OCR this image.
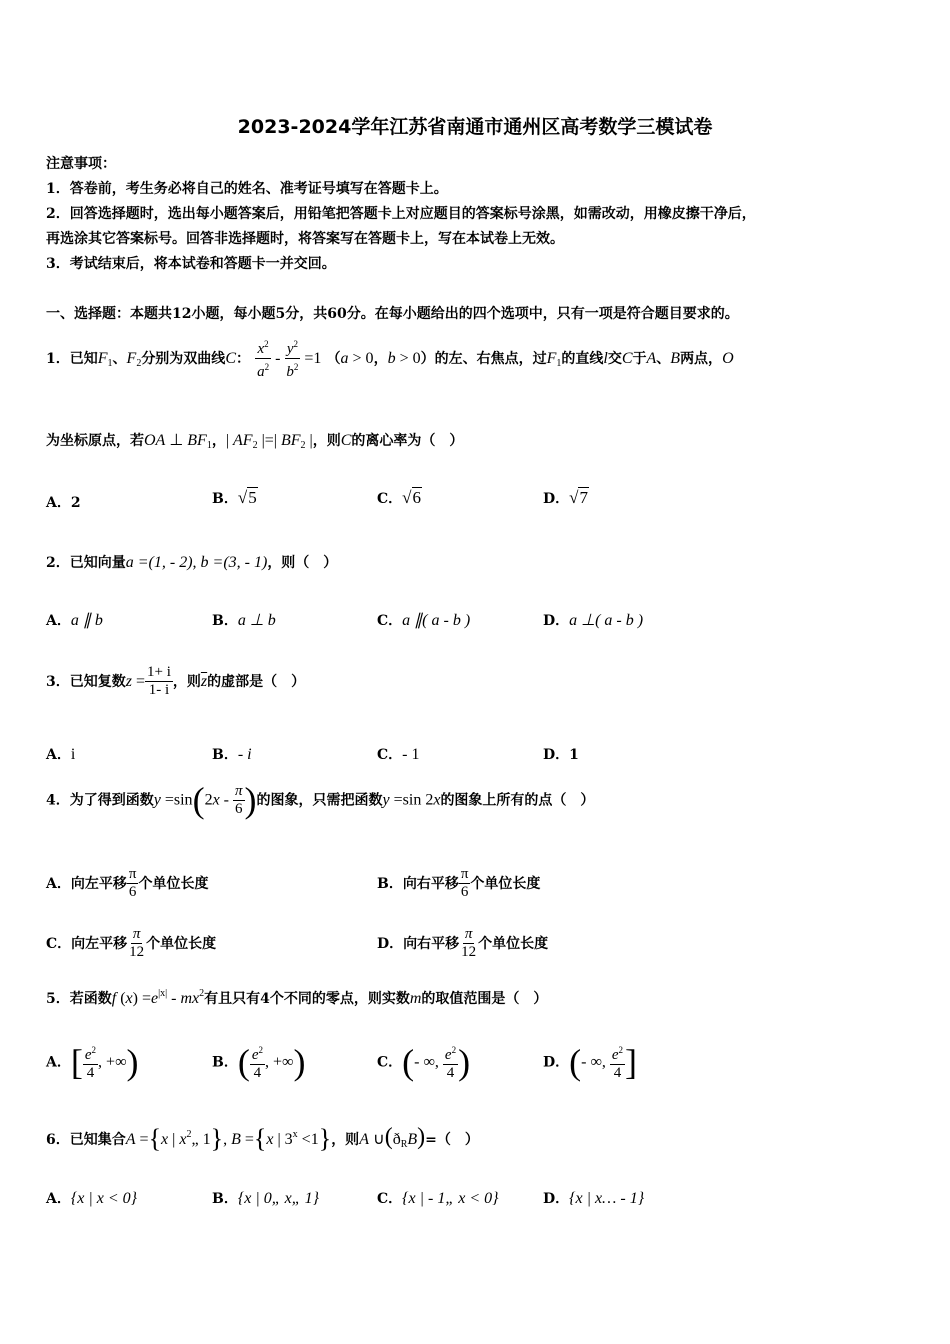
2023-2024学年江苏省南通市通州区高考数学三模试卷
注意事项：
1．答卷前，考生务必将自己的姓名、准考证号填写在答题卡上。
2．回答选择题时，选出每小题答案后，用铅笔把答题卡上对应题目的答案标号涂黑，如需改动，用橡皮擦干净后，
再选涂其它答案标号。回答非选择题时，将答案写在答题卡上，写在本试卷上无效。
3．考试结束后，将本试卷和答题卡一并交回。
一、选择题：本题共12小题，每小题5分，共60分。在每小题给出的四个选项中，只有一项是符合题目要求的。
1．已知$F_1$、$F_2$分别为双曲线C： $\frac{x^2}{a^2} - \frac{y^2}{b^2} =1$ （a > 0，b > 0）的左、右焦点，过$F_1$的直线l交C于A、B两点，O
为坐标原点，若OA ⊥ $BF_1$，| $AF_2$ |=| $BF_2$ |，则C的离心率为（　）
A．2	B．√5	C．√6	D．√7
2．已知向量a =(1, - 2), b =(3, - 1)，则（　）
A．a ∥ b	B．a ⊥ b	C．a ∥( a - b )	D．a ⊥( a - b )
3．已知复数$z = \frac{1+ i}{1- i}$ ，则$\overline{z}$的虚部是（　）
A．i	B．- i	C．- 1	D．1
4．为了得到函数$y =\sin(2x - \frac{\pi}{6}$ )的图象，只需把函数y =sin 2x的图象上所有的点（　）
A．向左平移 $\frac{\pi}{6}$ 个单位长度	B．向右平移 $\frac{\pi}{6}$ 个单位长度
C．向左平移 $\frac{\pi}{12}$ 个单位长度	D．向右平移 $\frac{\pi}{12}$ 个单位长度
5．若函数f $(x) =e^{|x|} - mx^2$有且只有4个不同的零点，则实数m的取值范围是（　）
A．[ $\frac{e^2}{4}$ , +∞)	B．( $\frac{e^2}{4}$ , +∞)	C．(- ∞, $\frac{e^2}{4}$ )	D．(- ∞, $\frac{e^2}{4}$ ]
6．已知集合A ={x | $x^2„$ 1}, B ={x | $3^x <1$}，则A $\cup(ð_RB)=$（　）
A．{x | x < 0}	B．{x | 0„ x„ 1}	C．{x | - 1„ x < 0}	D．{x | x… - 1}
